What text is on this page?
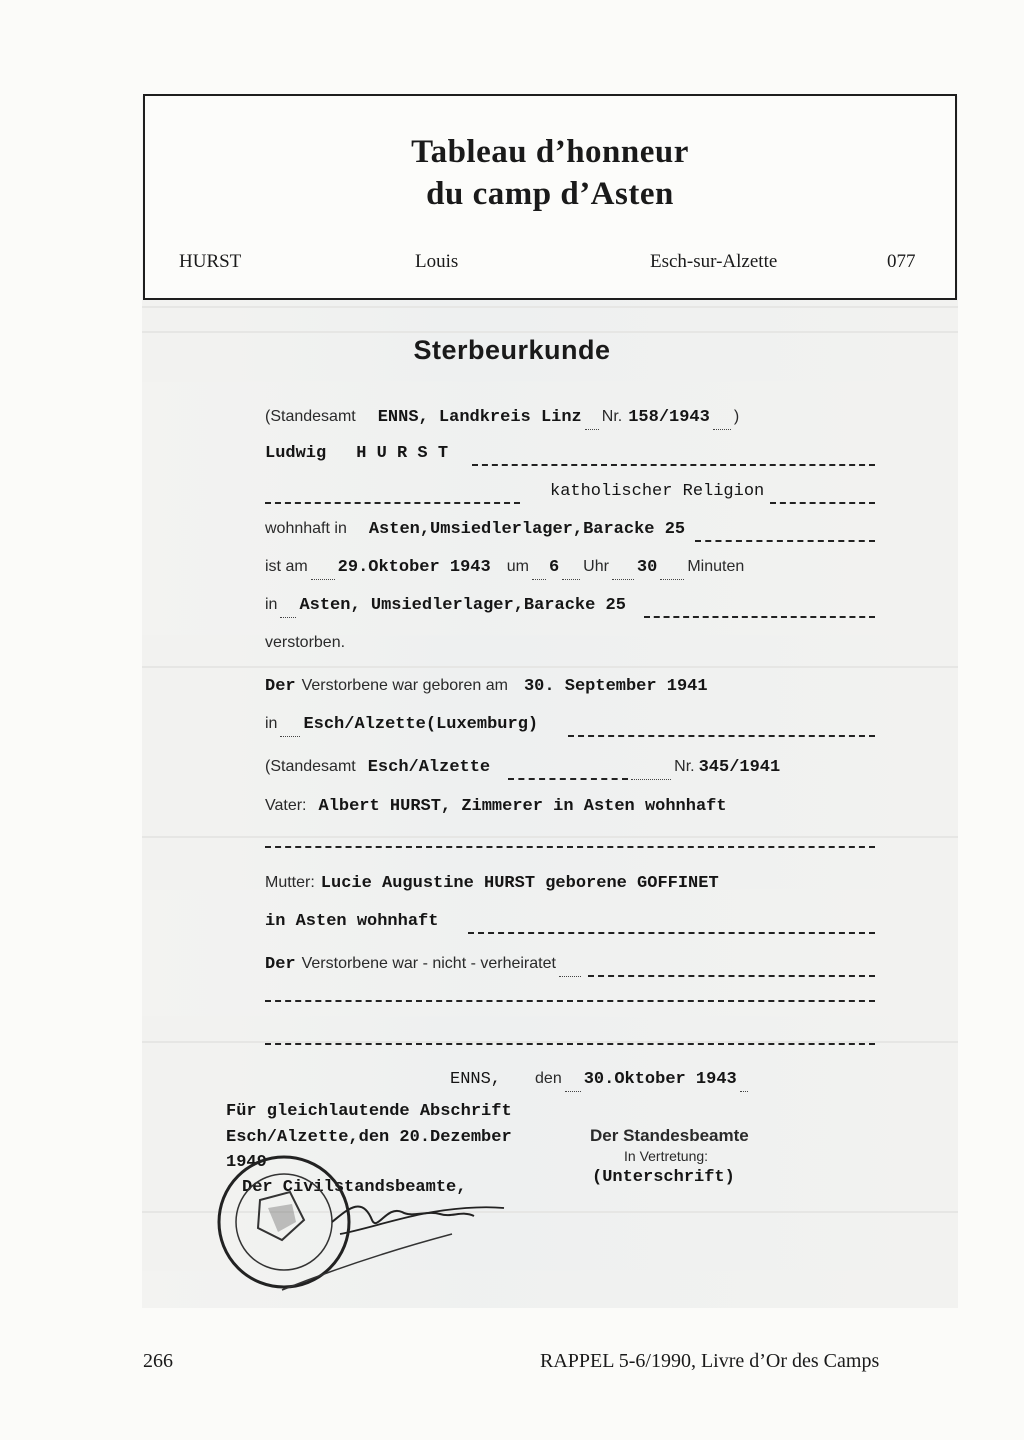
Tableau d’honneur
du camp d’Asten
HURST	Louis	Esch-sur-Alzette	077
Sterbeurkunde
(Standesamt ENNS, Landkreis Linz Nr. 158/1943 )
Ludwig H U R S T
katholischer Religion
wohnhaft in Asten,Umsiedlerlager,Baracke 25
ist am 29.Oktober 1943 um 6 Uhr 30 Minuten
in Asten, Umsiedlerlager,Baracke 25
verstorben.
Der Verstorbene war geboren am 30. September 1941
in Esch/Alzette(Luxemburg)
(Standesamt Esch/Alzette	Nr. 345/1941
Vater: Albert HURST, Zimmerer in Asten wohnhaft
Mutter: Lucie Augustine HURST geborene GOFFINET
in Asten wohnhaft
Der Verstorbene war - nicht - verheiratet
ENNS, den 30.Oktober 1943
Für gleichlautende Abschrift
Esch/Alzette,den 20.Dezember
1949
Der Civilstandsbeamte,
Der Standesbeamte
In Vertretung:
(Unterschrift)
266	RAPPEL 5-6/1990, Livre d’Or des Camps
